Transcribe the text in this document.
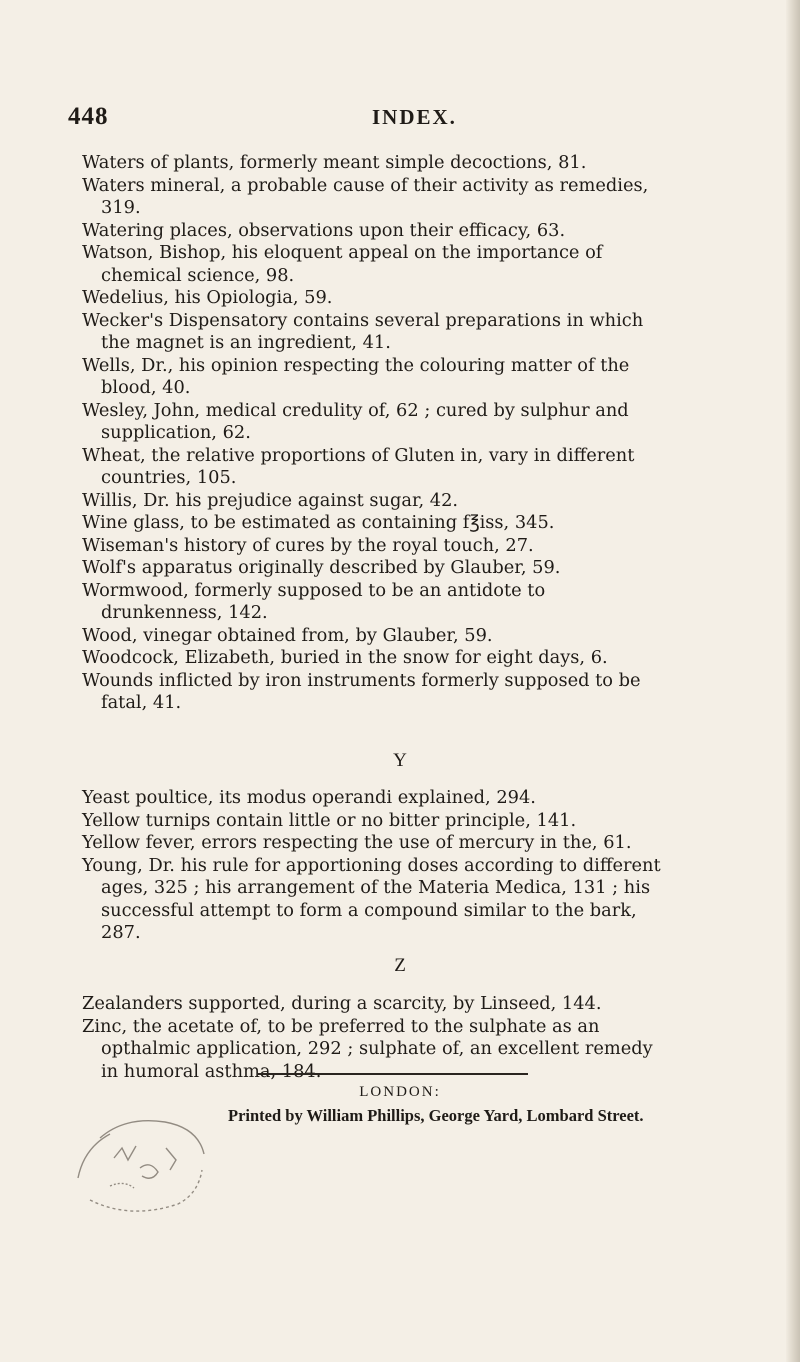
448	INDEX.

Waters of plants, formerly meant simple decoctions, 81.

Waters mineral, a probable cause of their activity as remedies, 319.

Watering places, observations upon their efficacy, 63.

Watson, Bishop, his eloquent appeal on the importance of chemical science, 98.

Wedelius, his Opiologia, 59.

Wecker's Dispensatory contains several preparations in which the magnet is an ingredient, 41.

Wells, Dr., his opinion respecting the colouring matter of the blood, 40.

Wesley, John, medical credulity of, 62 ; cured by sulphur and supplication, 62.

Wheat, the relative proportions of Gluten in, vary in different countries, 105.

Willis, Dr. his prejudice against sugar, 42.

Wine glass, to be estimated as containing f℥iss, 345.

Wiseman's history of cures by the royal touch, 27.

Wolf's apparatus originally described by Glauber, 59.

Wormwood, formerly supposed to be an antidote to drunkenness, 142.

Wood, vinegar obtained from, by Glauber, 59.

Woodcock, Elizabeth, buried in the snow for eight days, 6.

Wounds inflicted by iron instruments formerly supposed to be fatal, 41.

Y

Yeast poultice, its modus operandi explained, 294.

Yellow turnips contain little or no bitter principle, 141.

Yellow fever, errors respecting the use of mercury in the, 61.

Young, Dr. his rule for apportioning doses according to different ages, 325 ; his arrangement of the Materia Medica, 131 ; his successful attempt to form a compound similar to the bark, 287.

Z

Zealanders supported, during a scarcity, by Linseed, 144.

Zinc, the acetate of, to be preferred to the sulphate as an opthalmic application, 292 ; sulphate of, an excellent remedy in humoral asthma, 184.

LONDON:
Printed by William Phillips, George Yard, Lombard Street.
